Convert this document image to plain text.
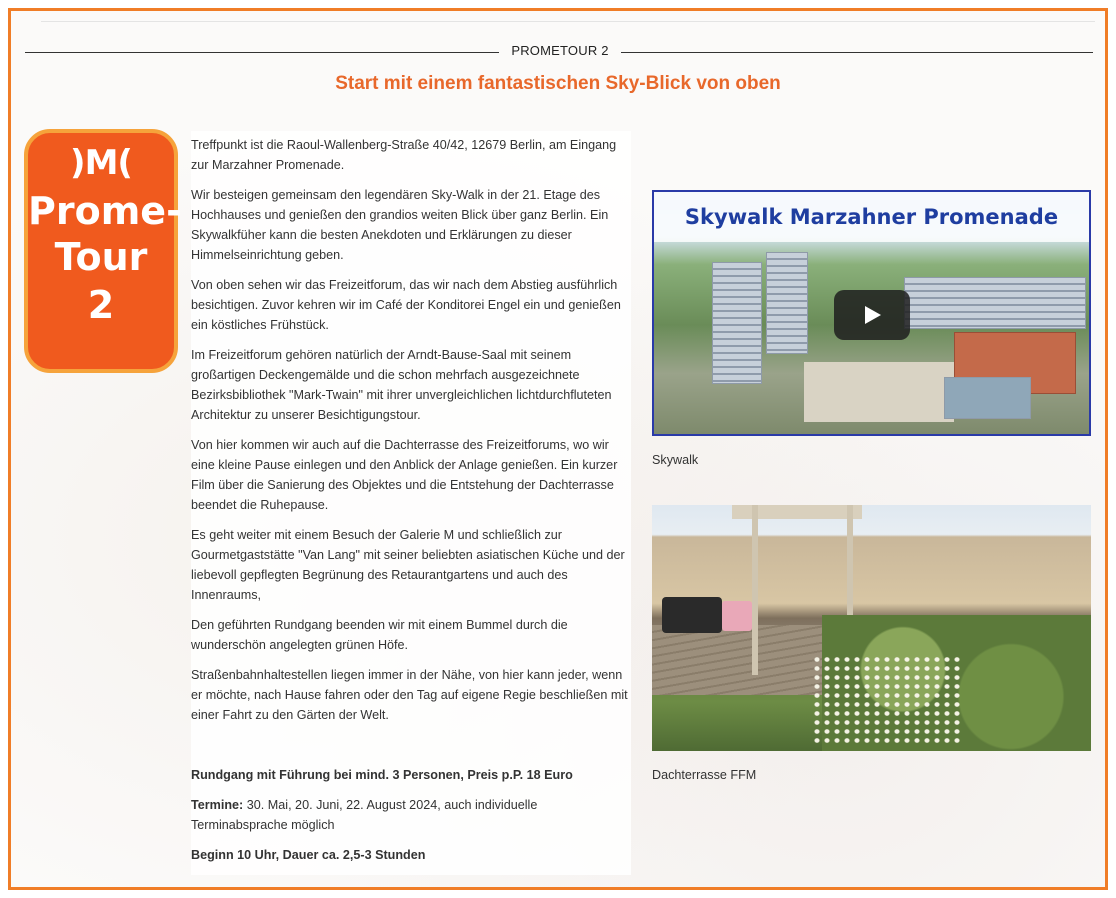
PROMETOUR 2
Start mit einem fantastischen Sky-Blick von oben
)M(
Prome-
Tour
2

Treffpunkt ist die Raoul-Wallenberg-Straße 40/42, 12679 Berlin, am Eingang zur Marzahner Promenade.

Wir besteigen gemeinsam den legendären Sky-Walk in der 21. Etage des Hochhauses und genießen den grandios weiten Blick über ganz Berlin. Ein Skywalkfüher kann die besten Anekdoten und Erklärungen zu dieser Himmelseinrichtung geben.

Von oben sehen wir das Freizeitforum, das wir nach dem Abstieg ausführlich besichtigen. Zuvor kehren wir im Café der Konditorei Engel ein und genießen ein köstliches Frühstück.

Im Freizeitforum gehören natürlich der Arndt-Bause-Saal mit seinem großartigen Deckengemälde und die schon mehrfach ausgezeichnete Bezirksbibliothek "Mark-Twain" mit ihrer unvergleichlichen lichtdurchfluteten Architektur zu unserer Besichtigungstour.

Von hier kommen wir auch auf die Dachterrasse des Freizeitforums, wo wir eine kleine Pause einlegen und den Anblick der Anlage genießen. Ein kurzer Film über die Sanierung des Objektes und die Entstehung der Dachterrasse beendet die Ruhepause.

Es geht weiter mit einem Besuch der Galerie M und schließlich zur Gourmetgaststätte "Van Lang" mit seiner beliebten asiatischen Küche und der liebevoll gepflegten Begrünung des Retaurantgartens und auch des Innenraums,

Den geführten Rundgang beenden wir mit einem Bummel durch die wunderschön angelegten grünen Höfe.

Straßenbahnhaltestellen liegen immer in der Nähe, von hier kann jeder, wenn er möchte, nach Hause fahren oder den Tag auf eigene Regie beschließen mit einer Fahrt zu den Gärten der Welt.

Rundgang mit Führung bei mind. 3 Personen, Preis p.P. 18 Euro

Termine: 30. Mai, 20. Juni, 22. August 2024, auch individuelle Terminabsprache möglich

Beginn 10 Uhr, Dauer ca. 2,5-3 Stunden

Skywalk Marzahner Promenade
Skywalk
Dachterrasse FFM
